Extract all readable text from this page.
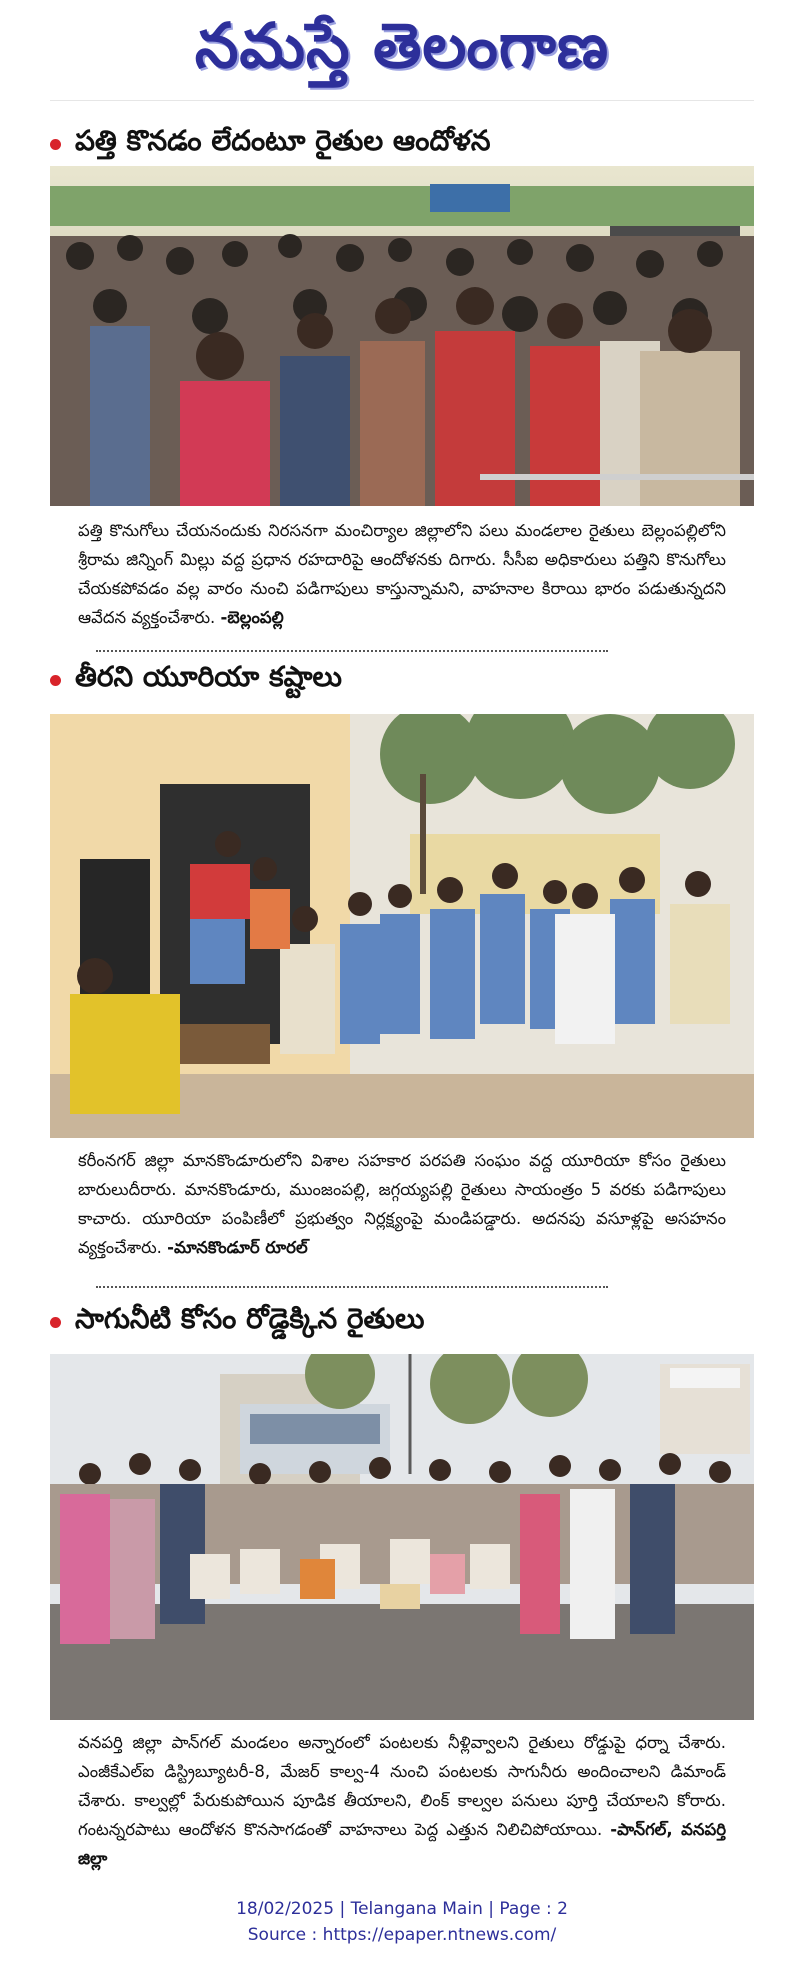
నమస్తే తెలంగాణ
పత్తి కొనడం లేదంటూ రైతుల ఆందోళన
పత్తి కొనుగోలు చేయనందుకు నిరసనగా మంచిర్యాల జిల్లాలోని పలు మండలాల రైతులు బెల్లంపల్లిలోని శ్రీరామ జిన్నింగ్ మిల్లు వద్ద ప్రధాన రహదారిపై ఆందోళనకు దిగారు. సీసీఐ అధికారులు పత్తిని కొనుగోలు చేయకపోవడం వల్ల వారం నుంచి పడిగాపులు కాస్తున్నామని, వాహనాల కిరాయి భారం పడుతున్నదని ఆవేదన వ్యక్తంచేశారు. -బెల్లంపల్లి
తీరని యూరియా కష్టాలు
కరీంనగర్ జిల్లా మానకొండూరులోని విశాల సహకార పరపతి సంఘం వద్ద యూరియా కోసం రైతులు బారులుదీరారు. మానకొండూరు, ముంజంపల్లి, జగ్గయ్యపల్లి రైతులు సాయంత్రం 5 వరకు పడిగాపులు కాచారు. యూరియా పంపిణీలో ప్రభుత్వం నిర్లక్ష్యంపై మండిపడ్డారు. అదనపు వసూళ్లపై అసహనం వ్యక్తంచేశారు. -మానకొండూర్ రూరల్
సాగునీటి కోసం రోడ్డెక్కిన రైతులు
వనపర్తి జిల్లా పాన్‌గల్ మండలం అన్నారంలో పంటలకు నీళ్లివ్వాలని రైతులు రోడ్డుపై ధర్నా చేశారు. ఎంజీకేఎల్ఐ డిస్ట్రిబ్యూటరీ-8, మేజర్ కాల్వ-4 నుంచి పంటలకు సాగునీరు అందించాలని డిమాండ్ చేశారు. కాల్వల్లో పేరుకుపోయిన పూడిక తీయాలని, లింక్ కాల్వల పనులు పూర్తి చేయాలని కోరారు. గంటన్నరపాటు ఆందోళన కొనసాగడంతో వాహనాలు పెద్ద ఎత్తున నిలిచిపోయాయి. -పాన్‌గల్, వనపర్తి జిల్లా
18/02/2025 | Telangana Main | Page : 2
Source : https://epaper.ntnews.com/
